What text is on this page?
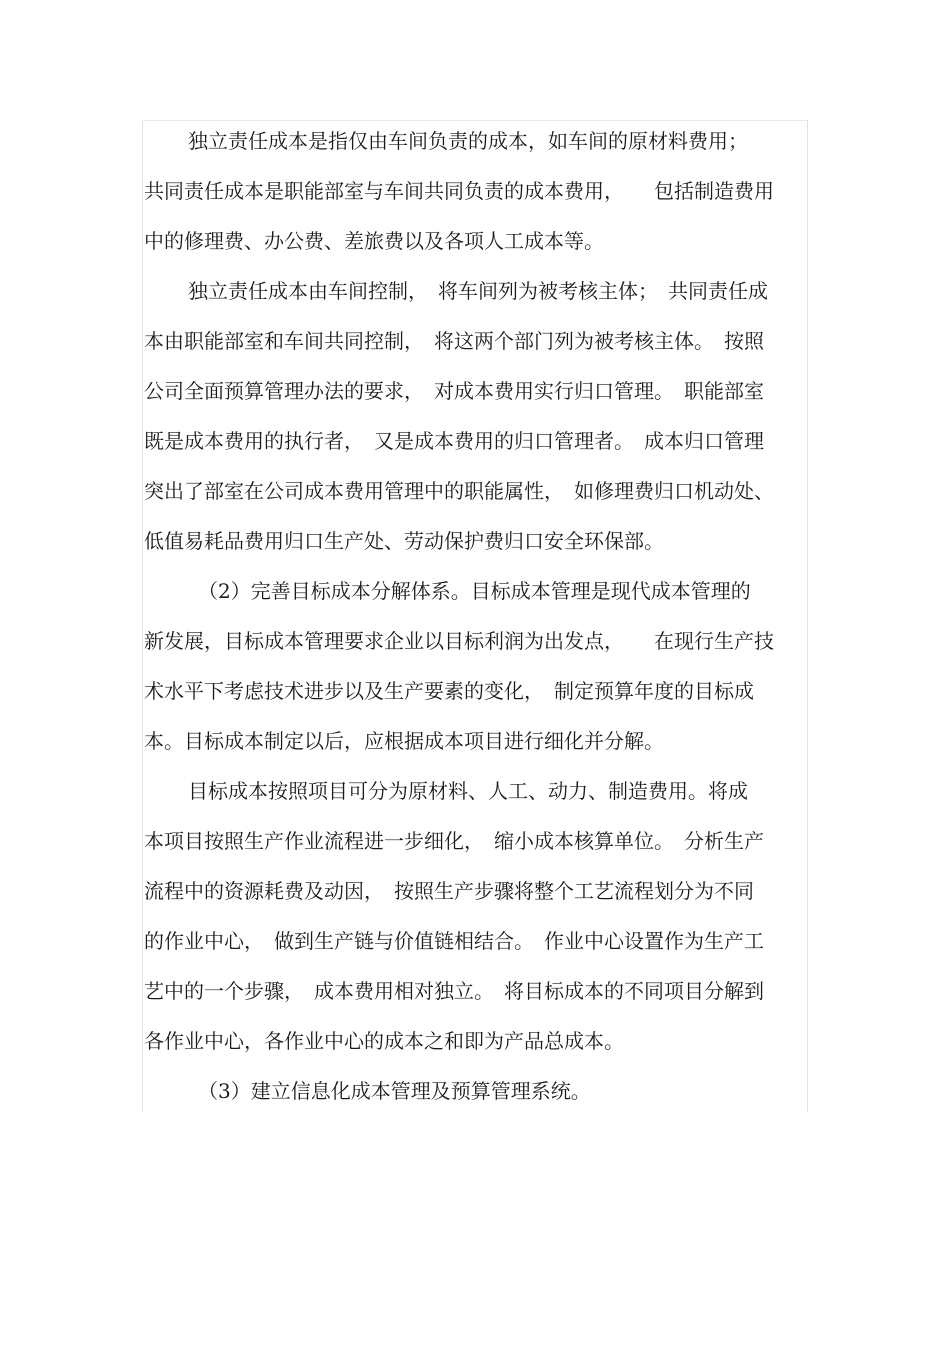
独立责任成本是指仅由车间负责的成本，如车间的原材料费用；
共同责任成本是职能部室与车间共同负责的成本费用，　　包括制造费用
中的修理费、办公费、差旅费以及各项人工成本等。
独立责任成本由车间控制，　将车间列为被考核主体；　共同责任成
本由职能部室和车间共同控制，　将这两个部门列为被考核主体。　按照
公司全面预算管理办法的要求，　对成本费用实行归口管理。　职能部室
既是成本费用的执行者，　又是成本费用的归口管理者。　成本归口管理
突出了部室在公司成本费用管理中的职能属性，　如修理费归口机动处、
低值易耗品费用归口生产处、劳动保护费归口安全环保部。
（2）完善目标成本分解体系。目标成本管理是现代成本管理的
新发展，目标成本管理要求企业以目标利润为出发点，　　在现行生产技
术水平下考虑技术进步以及生产要素的变化，　制定预算年度的目标成
本。目标成本制定以后，应根据成本项目进行细化并分解。
目标成本按照项目可分为原材料、人工、动力、制造费用。将成
本项目按照生产作业流程进一步细化，　缩小成本核算单位。　分析生产
流程中的资源耗费及动因，　按照生产步骤将整个工艺流程划分为不同
的作业中心，　做到生产链与价值链相结合。　作业中心设置作为生产工
艺中的一个步骤，　成本费用相对独立。　将目标成本的不同项目分解到
各作业中心，各作业中心的成本之和即为产品总成本。
（3）建立信息化成本管理及预算管理系统。
